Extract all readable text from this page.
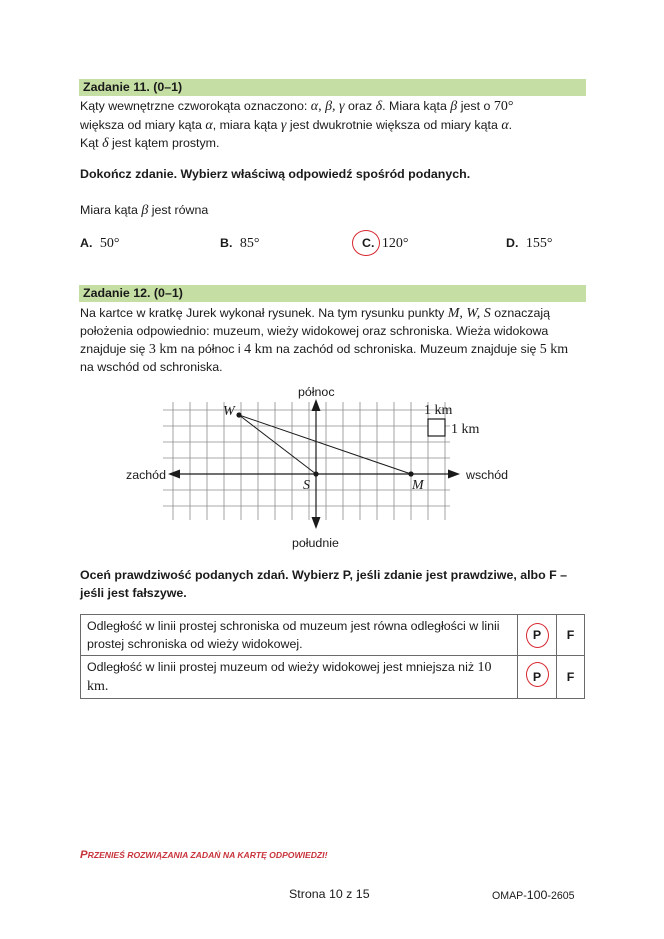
Zadanie 11. (0–1)
Kąty wewnętrzne czworokąta oznaczono: α, β, γ oraz δ. Miara kąta β jest o 70°
większa od miary kąta α, miara kąta γ jest dwukrotnie większa od miary kąta α.
Kąt δ jest kątem prostym.
Dokończ zdanie. Wybierz właściwą odpowiedź spośród podanych.
Miara kąta β jest równa
A. 50°	B. 85°	C. 120°	D. 155°
Zadanie 12. (0–1)
Na kartce w kratkę Jurek wykonał rysunek. Na tym rysunku punkty M, W, S oznaczają
położenia odpowiednio: muzeum, wieży widokowej oraz schroniska. Wieża widokowa
znajduje się 3 km na północ i 4 km na zachód od schroniska. Muzeum znajduje się 5 km
na wschód od schroniska.
północ
południe
zachód	wschód
W
S	M
1 km
1 km
Oceń prawdziwość podanych zdań. Wybierz P, jeśli zdanie jest prawdziwe, albo F –
jeśli jest fałszywe.
Odległość w linii prostej schroniska od muzeum jest równa odległości w linii
prostej schroniska od wieży widokowej.	P	F
Odległość w linii prostej muzeum od wieży widokowej jest mniejsza niż 10 km.	P	F
PRZENIEŚ ROZWIĄZANIA ZADAŃ NA KARTĘ ODPOWIEDZI!
Strona 10 z 15	OMAP-100-2605
